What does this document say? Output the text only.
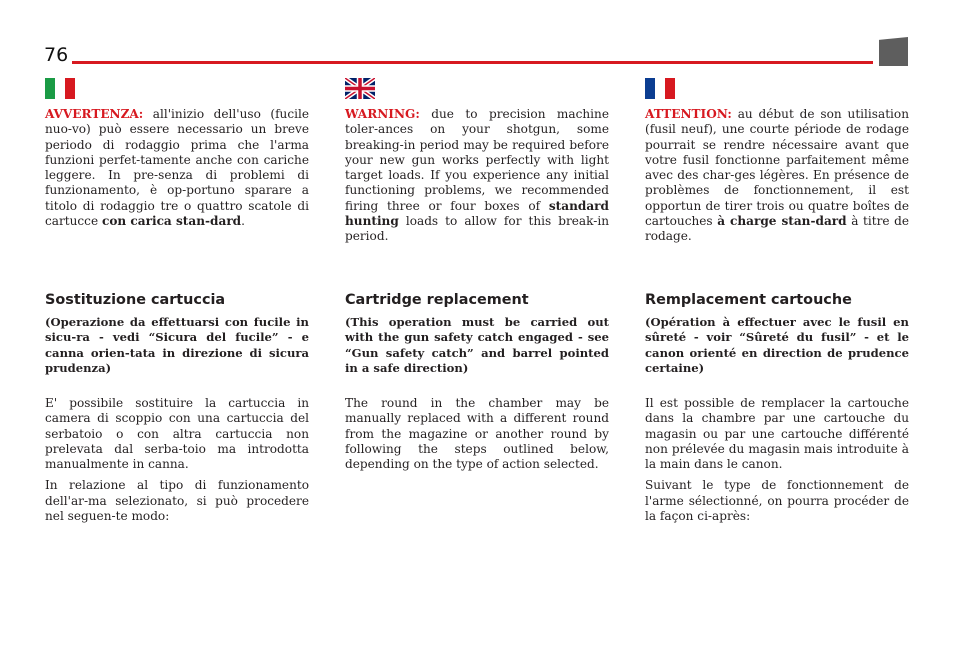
76

AVVERTENZA: all'inizio dell'uso (fucile nuo-vo) può essere necessario un breve periodo di rodaggio prima che l'arma funzioni perfet-tamente anche con cariche leggere. In pre-senza di problemi di funzionamento, è op-portuno sparare a titolo di rodaggio tre o quattro scatole di cartucce con carica stan-dard.

Sostituzione cartuccia

(Operazione da effettuarsi con fucile in sicu-ra - vedi “Sicura del fucile” - e canna orien-tata in direzione di sicura prudenza)

E' possibile sostituire la cartuccia in camera di scoppio con una cartuccia del serbatoio o con altra cartuccia non prelevata dal serba-toio ma introdotta manualmente in canna.

In relazione al tipo di funzionamento dell'ar-ma selezionato, si può procedere nel seguen-te modo:

WARNING: due to precision machine toler-ances on your shotgun, some breaking-in period may be required before your new gun works perfectly with light target loads. If you experience any initial functioning problems, we recommended firing three or four boxes of standard hunting loads to allow for this break-in period.

Cartridge replacement

(This operation must be carried out with the gun safety catch engaged - see “Gun safety catch” and barrel pointed in a safe direction)

The round in the chamber may be manually replaced with a different round from the magazine or another round by following the steps outlined below, depending on the type of action selected.

ATTENTION: au début de son utilisation (fusil neuf), une courte période de rodage pourrait se rendre nécessaire avant que votre fusil fonctionne parfaitement même avec des char-ges légères. En présence de problèmes de fonctionnement, il est opportun de tirer trois ou quatre boîtes de cartouches à charge stan-dard à titre de rodage.

Remplacement cartouche

(Opération à effectuer avec le fusil en sûreté - voir “Sûreté du fusil” - et le canon orienté en direction de prudence certaine)

Il est possible de remplacer la cartouche dans la chambre par une cartouche du magasin ou par une cartouche différenté non prélevée du magasin mais introduite à la main dans le canon.

Suivant le type de fonctionnement de l'arme sélectionné, on pourra procéder de la façon ci-après:
